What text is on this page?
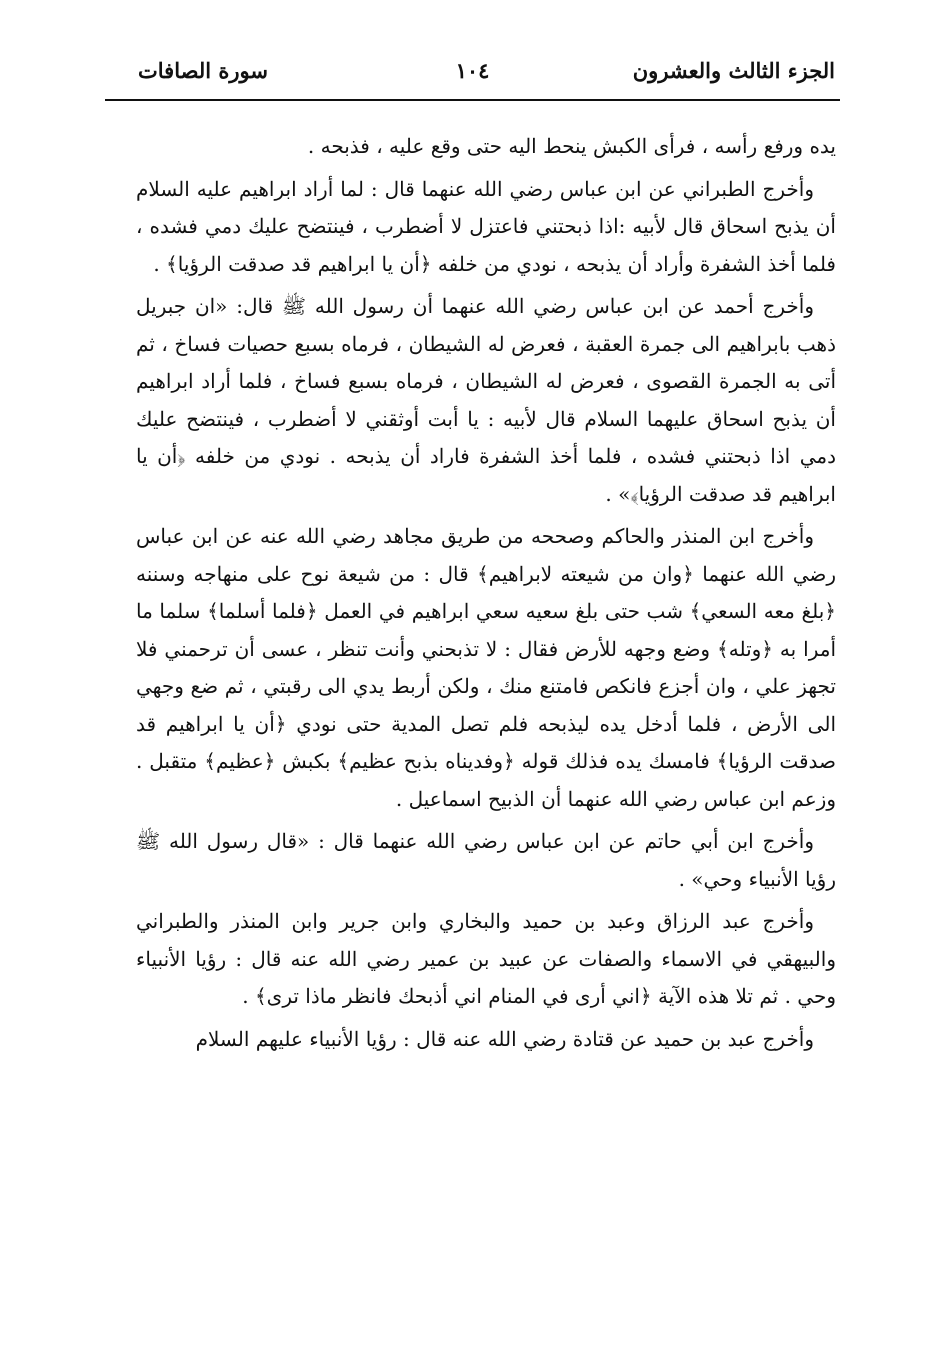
الجزء الثالث والعشرون
١٠٤
سورة الصافات

يده ورفع رأسه ، فرأى الكبش ينحط اليه حتى وقع عليه ، فذبحه .

وأخرج الطبراني عن ابن عباس رضي الله عنهما قال : لما أراد ابراهيم عليه السلام أن يذبح اسحاق قال لأبيه :اذا ذبحتني فاعتزل لا أضطرب ، فينتضح عليك دمي فشده ، فلما أخذ الشفرة وأراد أن يذبحه ، نودي من خلفه ﴿أن يا ابراهيم قد صدقت الرؤيا﴾ .

وأخرج أحمد عن ابن عباس رضي الله عنهما أن رسول الله ﷺ قال: «ان جبريل ذهب بابراهيم الى جمرة العقبة ، فعرض له الشيطان ، فرماه بسبع حصيات فساخ ، ثم أتى به الجمرة القصوى ، فعرض له الشيطان ، فرماه بسبع فساخ ، فلما أراد ابراهيم أن يذبح اسحاق عليهما السلام قال لأبيه : يا أبت أوثقني لا أضطرب ، فينتضح عليك دمي اذا ذبحتني فشده ، فلما أخذ الشفرة فاراد أن يذبحه . نودي من خلفه ﴿أن يا ابراهيم قد صدقت الرؤيا﴾» .

وأخرج ابن المنذر والحاكم وصححه من طريق مجاهد رضي الله عنه عن ابن عباس رضي الله عنهما ﴿وان من شيعته لابراهيم﴾ قال : من شيعة نوح على منهاجه وسننه ﴿بلغ معه السعي﴾ شب حتى بلغ سعيه سعي ابراهيم في العمل ﴿فلما أسلما﴾ سلما ما أمرا به ﴿وتله﴾ وضع وجهه للأرض فقال : لا تذبحني وأنت تنظر ، عسى أن ترحمني فلا تجهز علي ، وان أجزع فانكص فامتنع منك ، ولكن أربط يدي الى رقبتي ، ثم ضع وجهي الى الأرض ، فلما أدخل يده ليذبحه فلم تصل المدية حتى نودي ﴿أن يا ابراهيم قد صدقت الرؤيا﴾ فامسك يده فذلك قوله ﴿وفديناه بذبح عظيم﴾ بكبش ﴿عظيم﴾ متقبل . وزعم ابن عباس رضي الله عنهما أن الذبيح اسماعيل .

وأخرج ابن أبي حاتم عن ابن عباس رضي الله عنهما قال : «قال رسول الله ﷺ رؤيا الأنبياء وحي» .

وأخرج عبد الرزاق وعبد بن حميد والبخاري وابن جرير وابن المنذر والطبراني والبيهقي في الاسماء والصفات عن عبيد بن عمير رضي الله عنه قال : رؤيا الأنبياء وحي . ثم تلا هذه الآية ﴿اني أرى في المنام اني أذبحك فانظر ماذا ترى﴾ .

وأخرج عبد بن حميد عن قتادة رضي الله عنه قال : رؤيا الأنبياء عليهم السلام
